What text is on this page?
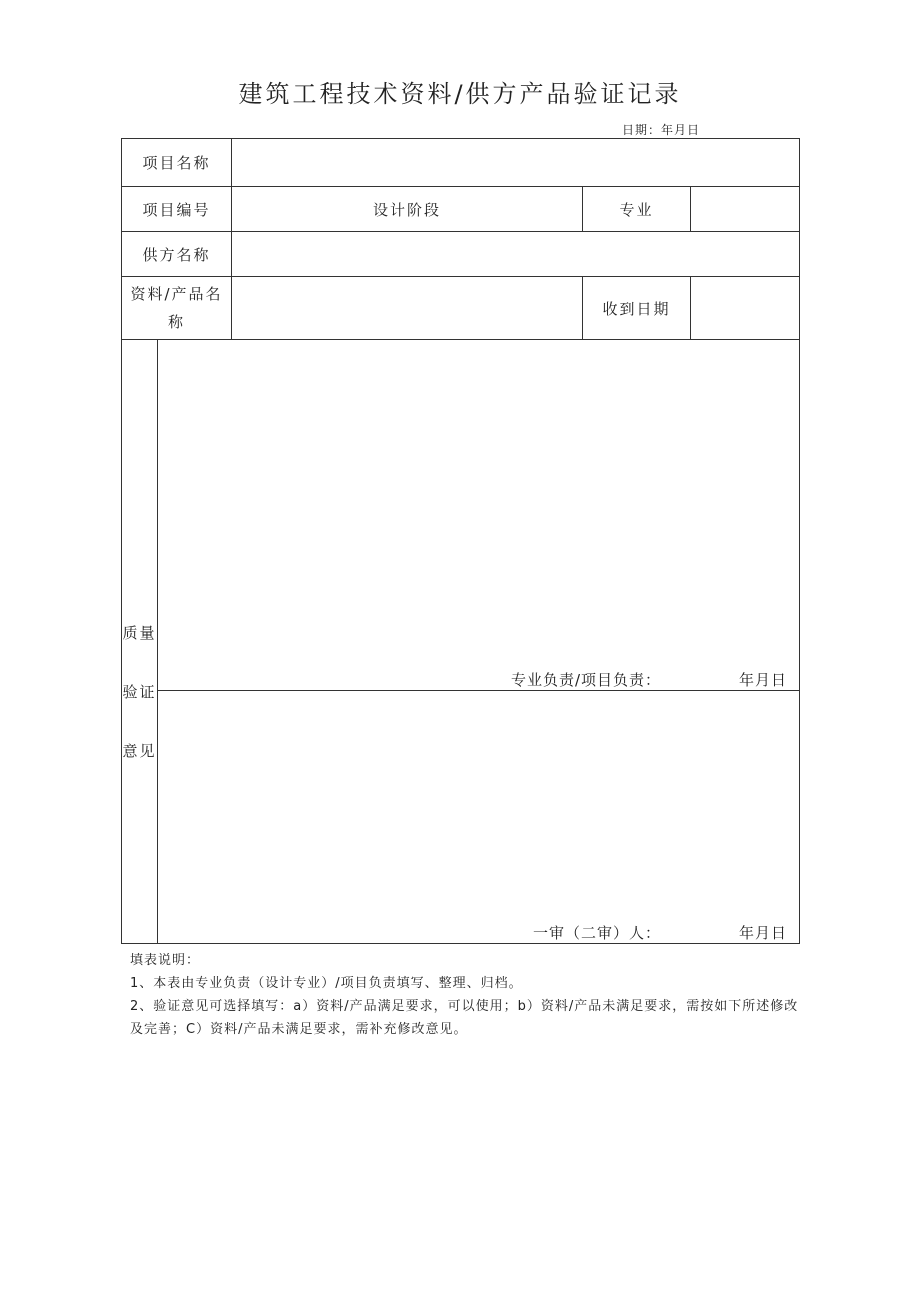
建筑工程技术资料/供方产品验证记录
日期：年月日
项目名称				
项目编号		设计阶段	专业	
供方名称				

资料/产品名称			收到日期	

质量
验证
意见	专业负责/项目负责： 年月日			

	一审（二审）人： 年月日			
填表说明：
1、本表由专业负责（设计专业）/项目负责填写、整理、归档。
2、验证意见可选择填写：a）资料/产品满足要求，可以使用；b）资料/产品未满足要求，需按如下所述修改及完善；C）资料/产品未满足要求，需补充修改意见。
